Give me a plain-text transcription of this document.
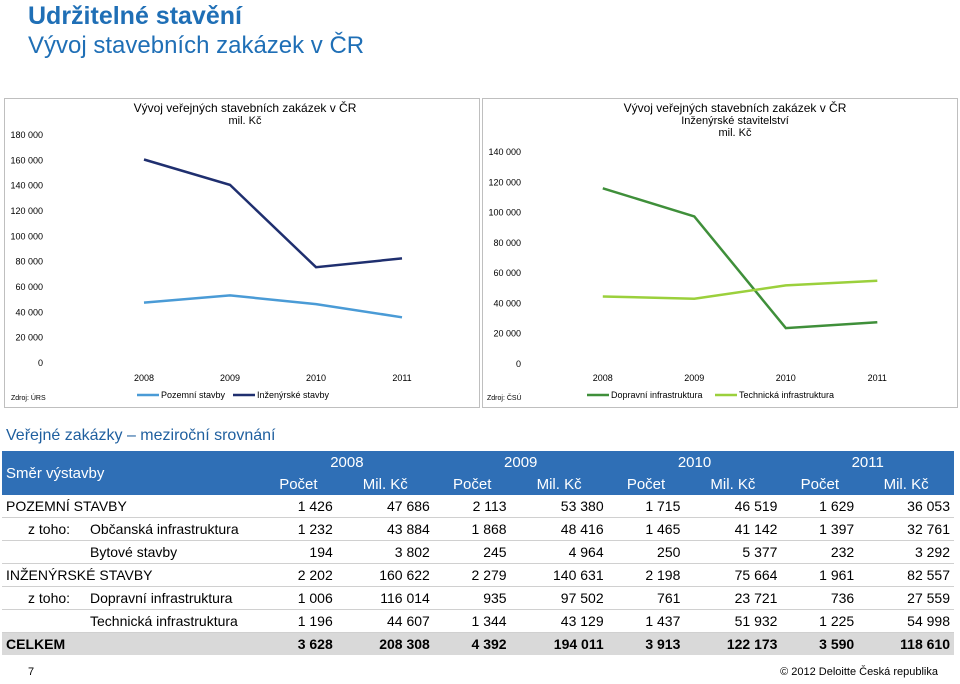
Udržitelné stavění
Vývoj stavebních zakázek v ČR
Vývoj veřejných stavebních zakázek v ČR
mil. Kč
0
20 000
40 000
60 000
80 000
100 000
120 000
140 000
160 000
180 000
2008	2009	2010	2011
Pozemní stavby	Inženýrské stavby
Zdroj: ÚRS
Vývoj veřejných stavebních zakázek v ČR
Inženýrské stavitelství
mil. Kč
0
20 000
40 000
60 000
80 000
100 000
120 000
140 000
2008	2009	2010	2011
Dopravní infrastruktura	Technická infrastruktura
Zdroj: ČSÚ
Veřejné zakázky – meziroční srovnání
Směr výstavby	2008		2009		2010		2011	
	Počet	Mil. Kč	Počet	Mil. Kč	Počet	Mil. Kč	Počet	Mil. Kč
POZEMNÍ STAVBY	1 426	47 686	2 113	53 380	1 715	46 519	1 629	36 053
z toho: Občanská infrastruktura	1 232	43 884	1 868	48 416	1 465	41 142	1 397	32 761
Bytové stavby	194	3 802	245	4 964	250	5 377	232	3 292
INŽENÝRSKÉ STAVBY	2 202	160 622	2 279	140 631	2 198	75 664	1 961	82 557
z toho: Dopravní infrastruktura	1 006	116 014	935	97 502	761	23 721	736	27 559
Technická infrastruktura	1 196	44 607	1 344	43 129	1 437	51 932	1 225	54 998
CELKEM	3 628	208 308	4 392	194 011	3 913	122 173	3 590	118 610
7	© 2012 Deloitte Česká republika
